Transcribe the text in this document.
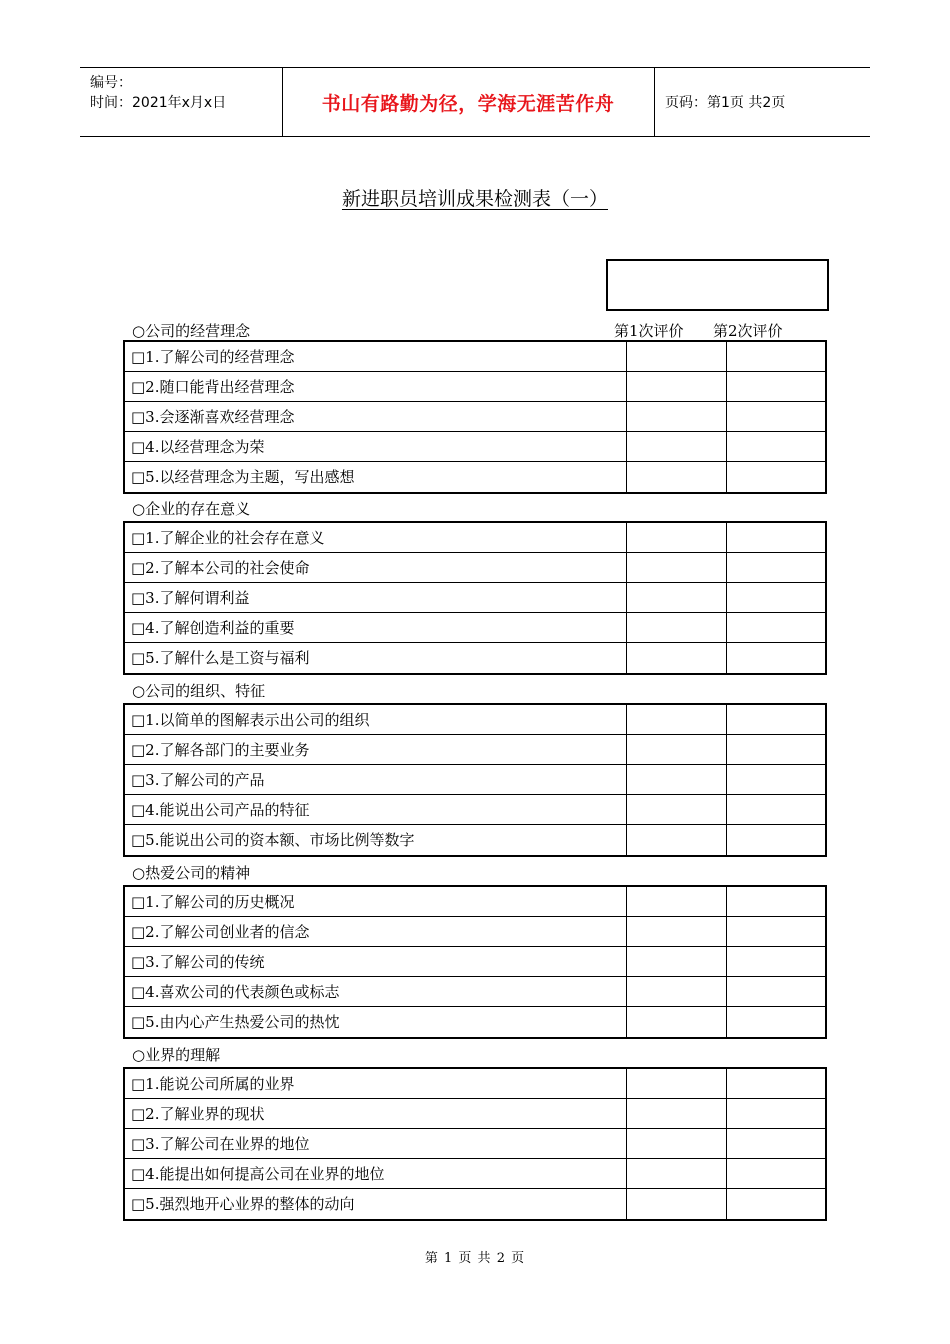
编号：
时间：2021年x月x日	书山有路勤为径，学海无涯苦作舟	页码：第1页 共2页
新进职员培训成果检测表（一）
第1次评价 第2次评价
○公司的经营理念
□1.了解公司的经营理念
□2.随口能背出经营理念
□3.会逐渐喜欢经营理念
□4.以经营理念为荣
□5.以经营理念为主题，写出感想
○企业的存在意义
□1.了解企业的社会存在意义
□2.了解本公司的社会使命
□3.了解何谓利益
□4.了解创造利益的重要
□5.了解什么是工资与福利
○公司的组织、特征
□1.以简单的图解表示出公司的组织
□2.了解各部门的主要业务
□3.了解公司的产品
□4.能说出公司产品的特征
□5.能说出公司的资本额、市场比例等数字
○热爱公司的精神
□1.了解公司的历史概况
□2.了解公司创业者的信念
□3.了解公司的传统
□4.喜欢公司的代表颜色或标志
□5.由内心产生热爱公司的热忱
○业界的理解
□1.能说公司所属的业界
□2.了解业界的现状
□3.了解公司在业界的地位
□4.能提出如何提高公司在业界的地位
□5.强烈地开心业界的整体的动向
第 1 页 共 2 页
